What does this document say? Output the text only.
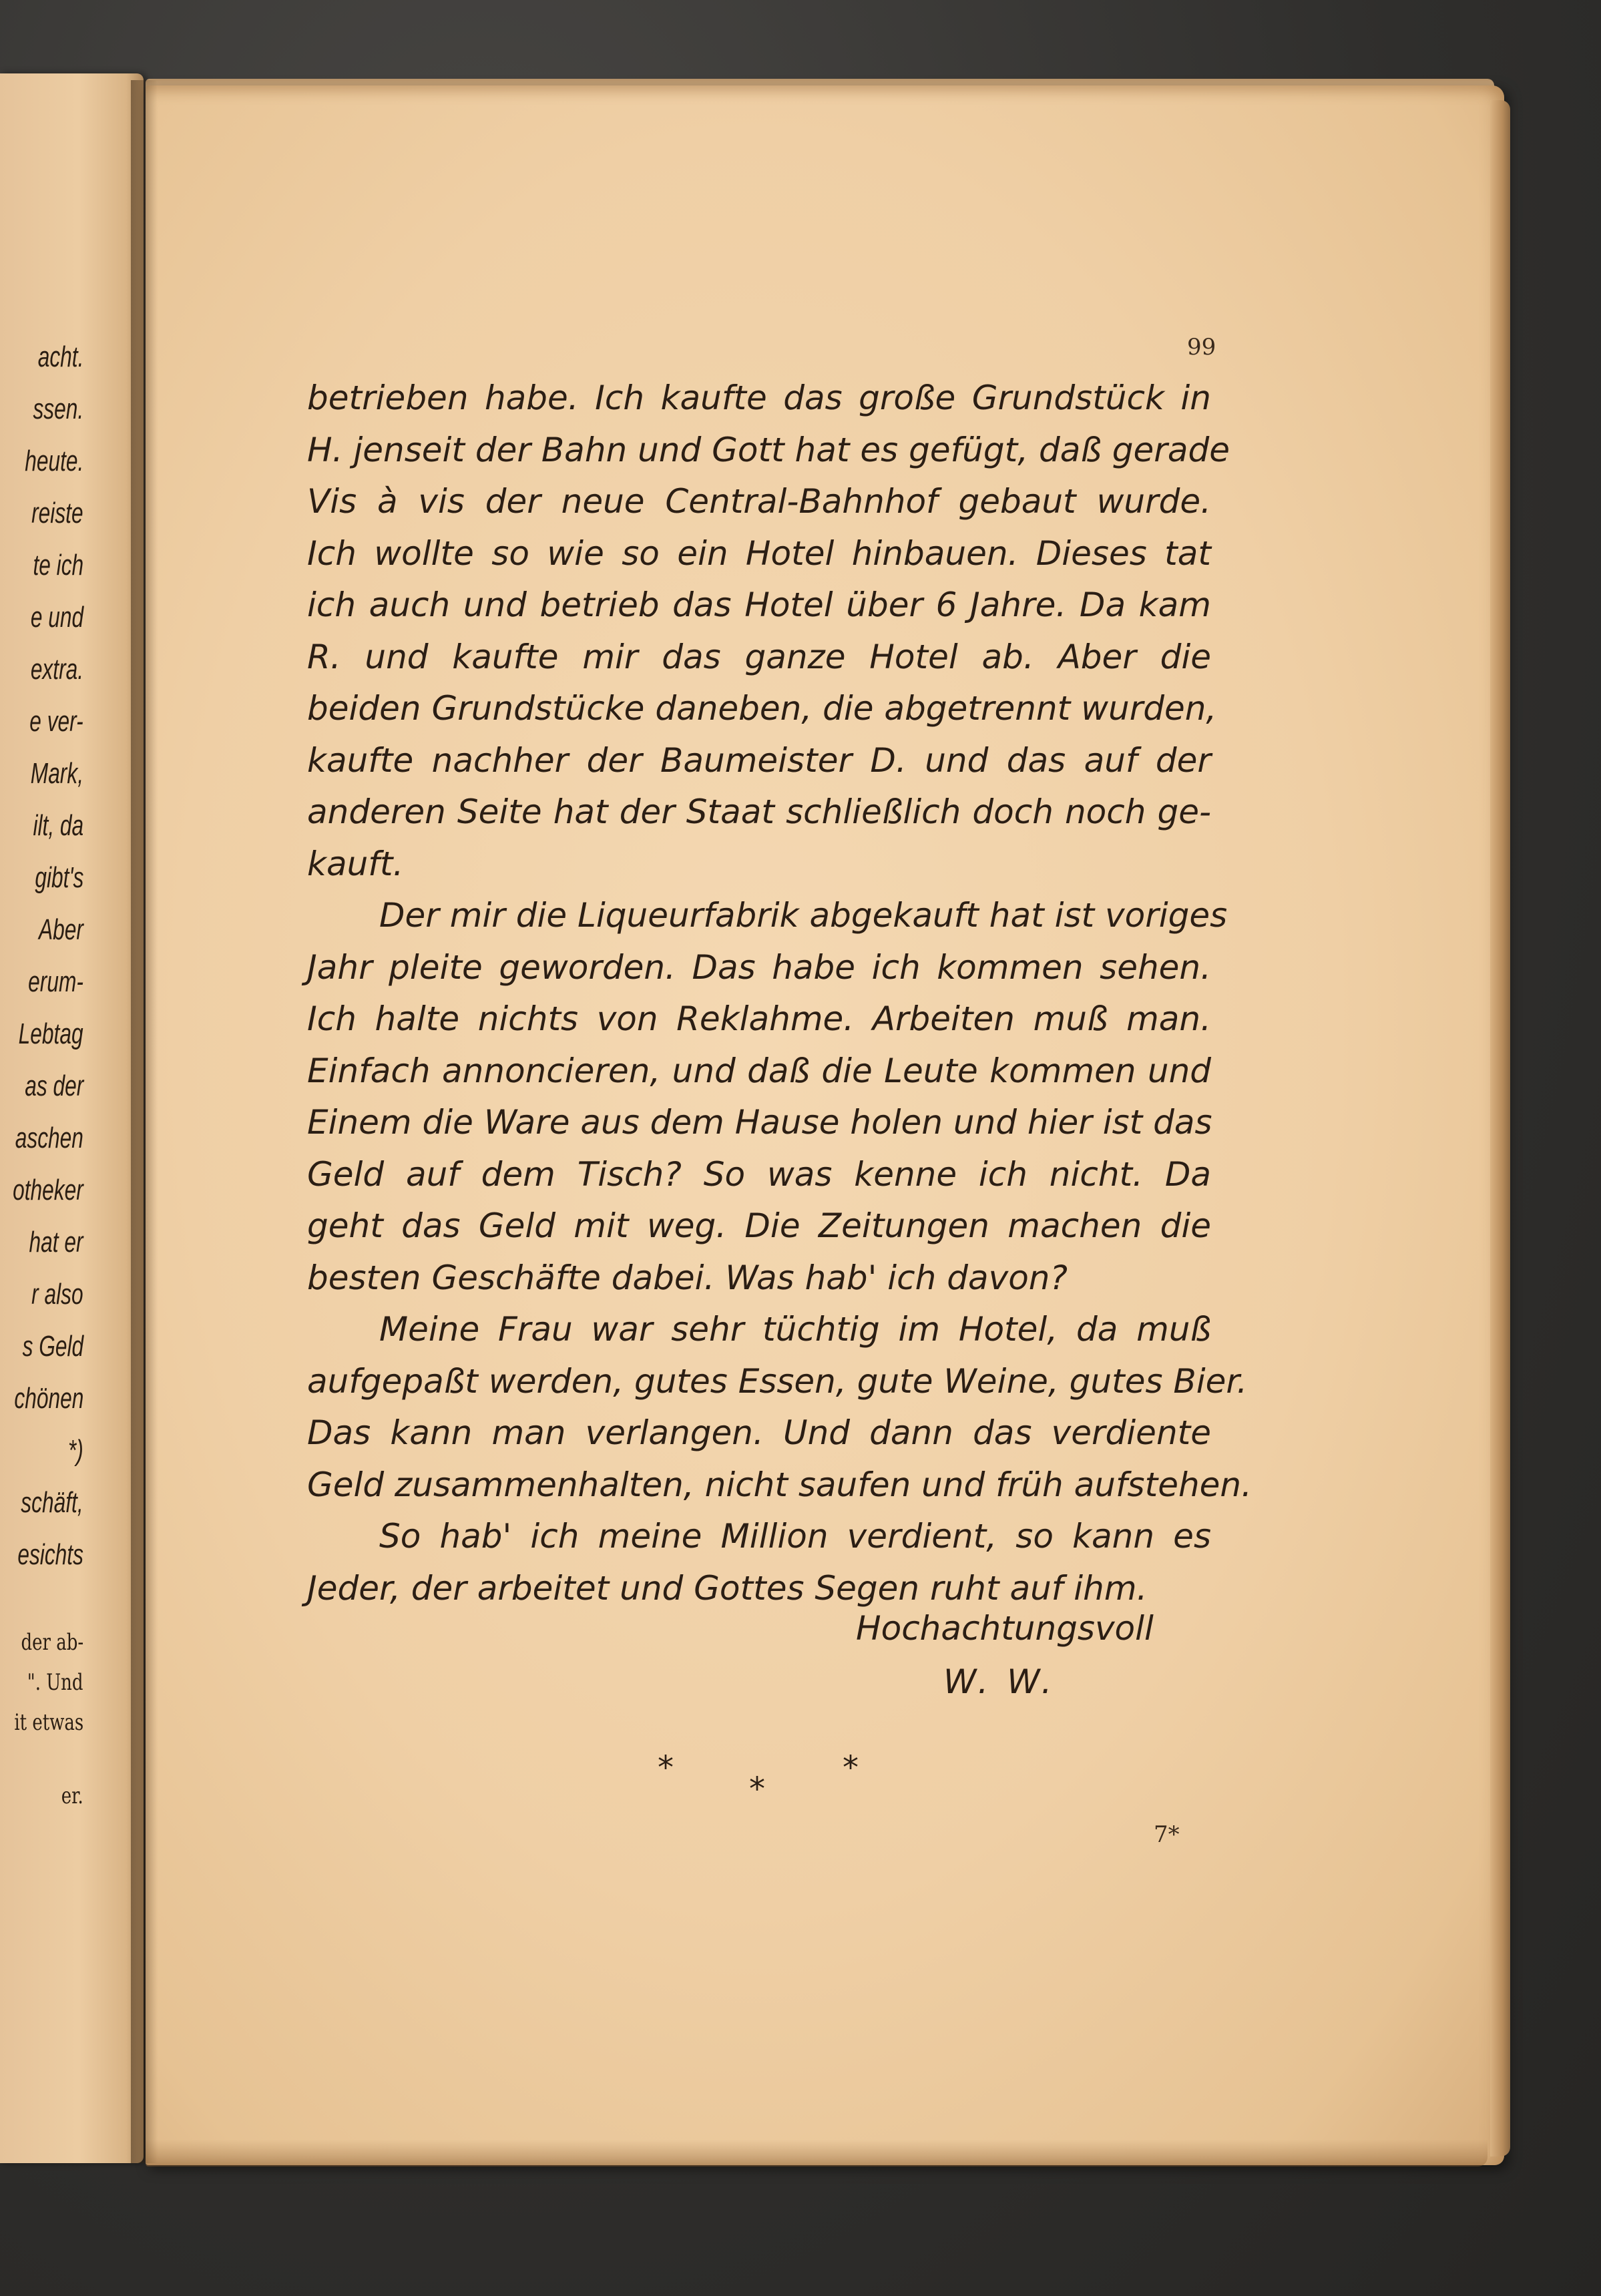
acht.
ssen.
heute.
reiste
te ich
e und
extra.
e ver-
Mark,
ilt, da
gibt's
Aber
erum-
Lebtag
as der
aschen
otheker
hat er
r also
s Geld
chönen
*)
schäft,
esichts
der ab-
". Und
it etwas
er.
99
betrieben habe. Ich kaufte das große Grundstück in
H. jenseit der Bahn und Gott hat es gefügt, daß gerade
Vis à vis der neue Central-Bahnhof gebaut wurde.
Ich wollte so wie so ein Hotel hinbauen. Dieses tat
ich auch und betrieb das Hotel über 6 Jahre. Da kam
R. und kaufte mir das ganze Hotel ab. Aber die
beiden Grundstücke daneben, die abgetrennt wurden,
kaufte nachher der Baumeister D. und das auf der
anderen Seite hat der Staat schließlich doch noch ge-
kauft.
Der mir die Liqueurfabrik abgekauft hat ist voriges
Jahr pleite geworden. Das habe ich kommen sehen.
Ich halte nichts von Reklahme. Arbeiten muß man.
Einfach annoncieren, und daß die Leute kommen und
Einem die Ware aus dem Hause holen und hier ist das
Geld auf dem Tisch? So was kenne ich nicht. Da
geht das Geld mit weg. Die Zeitungen machen die
besten Geschäfte dabei. Was hab' ich davon?
Meine Frau war sehr tüchtig im Hotel, da muß
aufgepaßt werden, gutes Essen, gute Weine, gutes Bier.
Das kann man verlangen. Und dann das verdiente
Geld zusammenhalten, nicht saufen und früh aufstehen.
So hab' ich meine Million verdient, so kann es
Jeder, der arbeitet und Gottes Segen ruht auf ihm.
Hochachtungsvoll
W. W.
*
*
*
7*
